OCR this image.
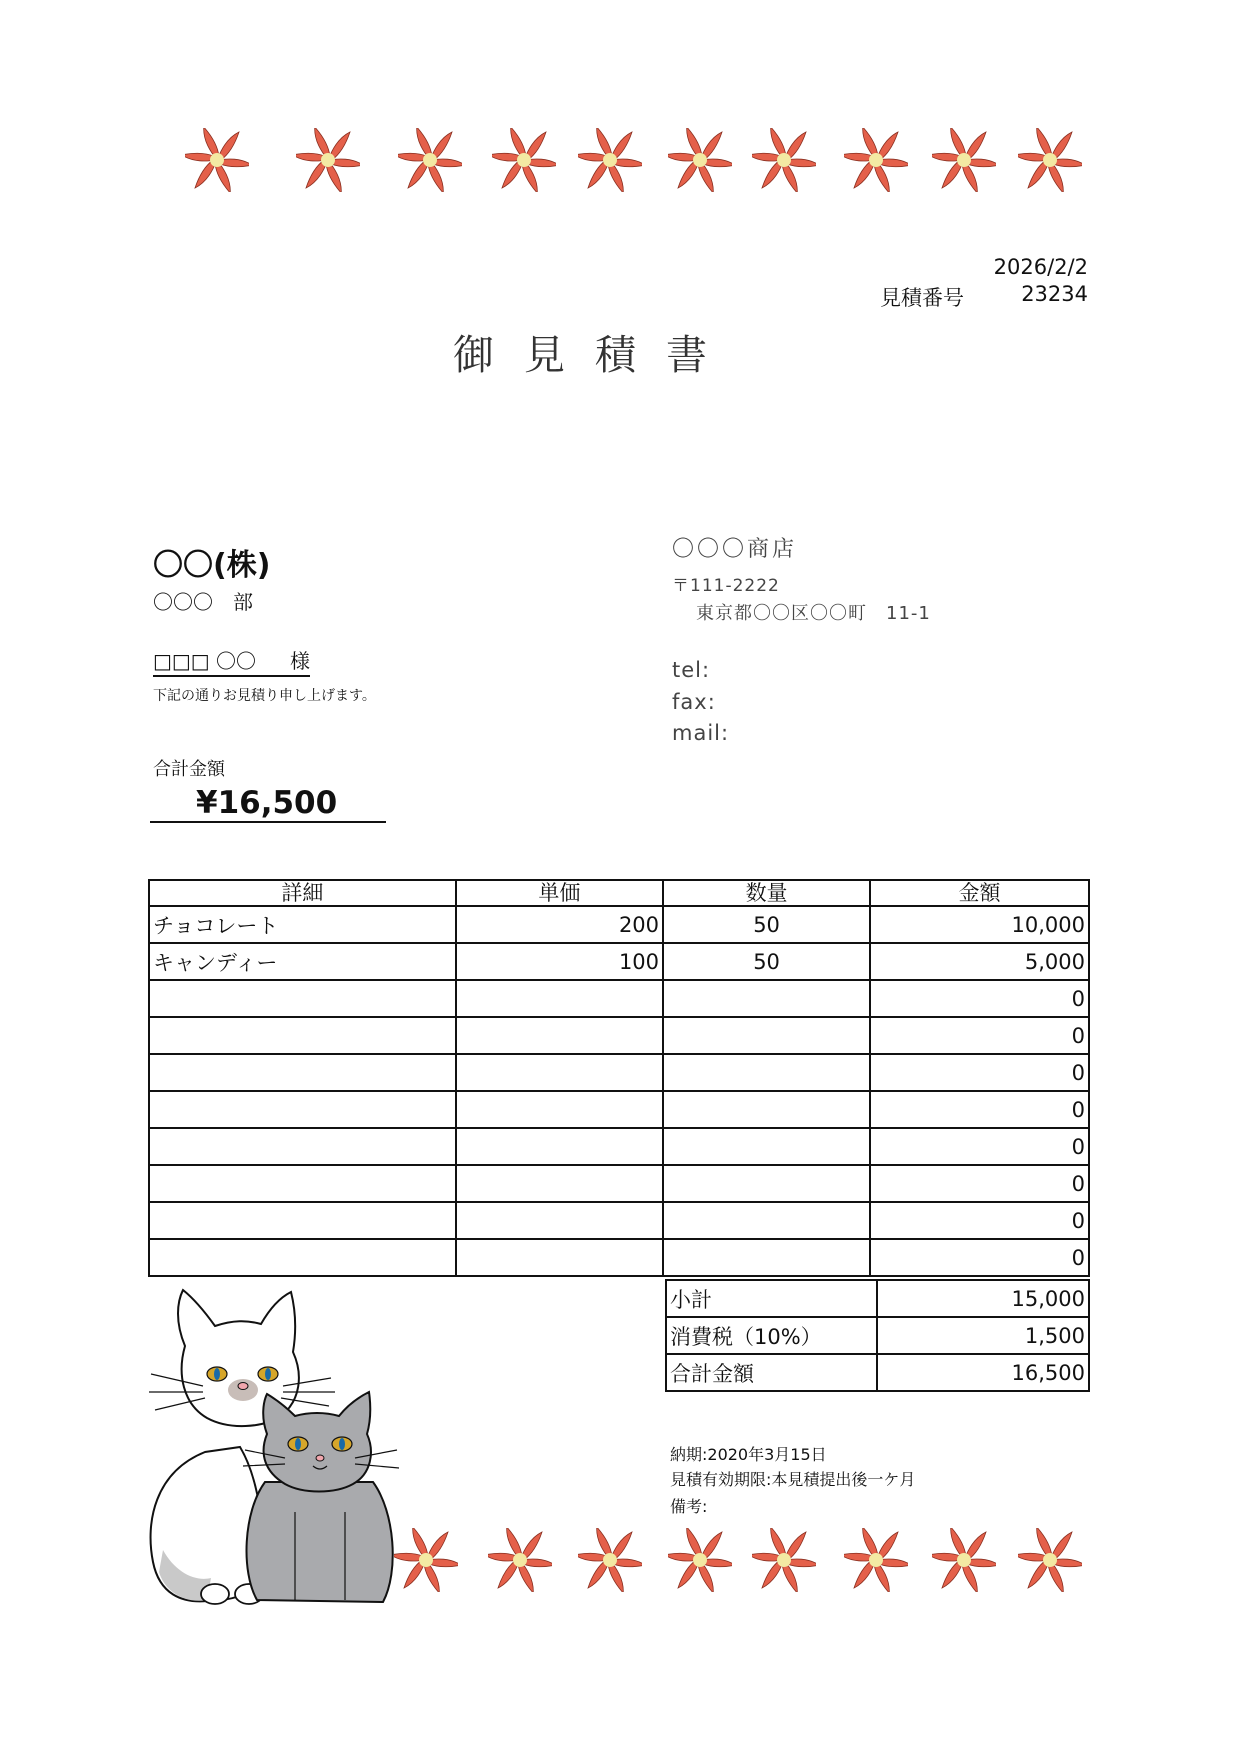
2026/2/2
見積番号	23234
御見積書
〇〇(株)
〇〇〇　部
□□□ 〇〇 様
下記の通りお見積り申し上げます。
合計金額
¥16,500
〇〇〇商店
〒111-2222
東京都〇〇区〇〇町　11-1
tel:
fax:
mail:
詳細	単価	数量	金額
チョコレート	200	50	10,000
キャンディー	100	50	5,000
			0
			0
			0
			0
			0
			0
			0
			0
小計	15,000
消費税（10%）	1,500
合計金額	16,500
納期:2020年3月15日
見積有効期限:本見積提出後一ケ月
備考:
